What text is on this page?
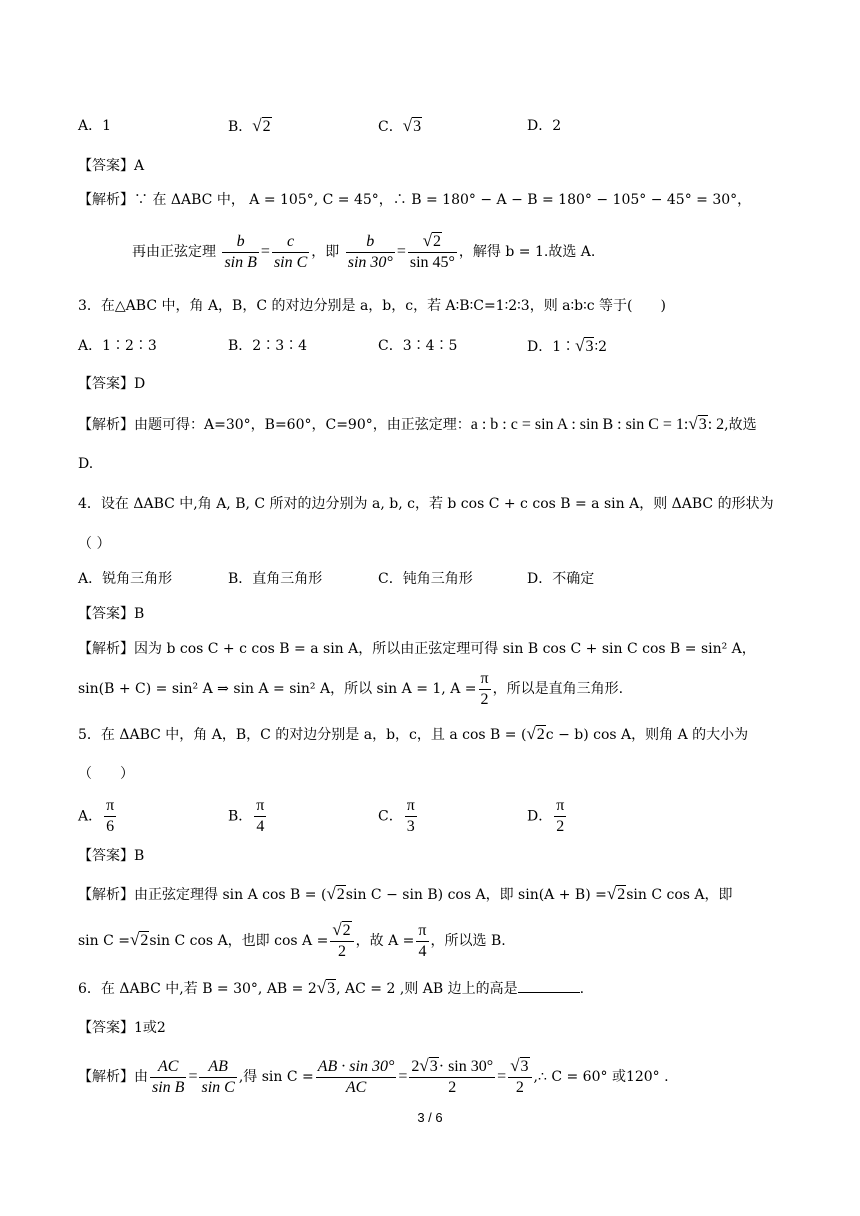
A．1	B．√2	C．√3	D．2
【答案】A
【解析】∵ 在 ΔABC 中， A = 105°, C = 45°，∴ B = 180° − A − B = 180° − 105° − 45° = 30°，
再由正弦定理 $\frac{b}{\text{sin B}} = \frac{c}{\text{sin C}}$ ，即 $\frac{b}{\sin 30^\circ} = \frac{√2}{\sin 45^\circ}$ ，解得 b = 1.故选 A.
3．在△ABC 中，角 A，B，C 的对边分别是 a，b，c，若 A∶B∶C=1∶2∶3，则 a∶b∶c 等于(　　)
A．1∶2∶3	B．2∶3∶4	C．3∶4∶5	D．1∶√3∶2
【答案】D
【解析】由题可得：A=30°，B=60°，C=90°，由正弦定理：a : b : c = sin A : sin B : sin C = 1:√3: 2,故选
D.
4．设在 ΔABC 中,角 A, B, C 所对的边分别为 a, b, c，若 b cos C + c cos B = a sin A，则 ΔABC 的形状为
（ ）
A．锐角三角形	B．直角三角形	C．钝角三角形	D．不确定
【答案】B
【解析】因为 b cos C + c cos B = a sin A，所以由正弦定理可得 sin B cos C + sin C cos B = sin² A，
sin(B + C) = sin² A ⇒ sin A = sin² A，所以 sin A = 1, $A = \frac{\pi}{2}$ ，所以是直角三角形.
5．在 ΔABC 中，角 A，B，C 的对边分别是 a，b，c，且 a cos B = (√2c − b) cos A，则角 A 的大小为
（　　）
A． $\frac{\pi}{6}$	B． $\frac{\pi}{4}$	C． $\frac{\pi}{3}$	D． $\frac{\pi}{2}$
【答案】B
【解析】由正弦定理得 sin A cos B = (√2sin C − sin B) cos A，即 sin(A + B) =√2sin C cos A，即
sin C =√2sin C cos A，也即 $\cos A = \frac{√2}{2}$ ，故 $A = \frac{\pi}{4}$ ，所以选 B.
6．在 ΔABC 中,若 B = 30°, AB = 2√3, AC = 2 ,则 AB 边上的高是	.
【答案】1或2
【解析】由 $\frac{AC}{\text{sin B}} = \frac{AB}{\text{sin C}}$ ,得 $\sin C = \frac{AB \cdot \sin 30^\circ}{AC} = \frac{2√3\cdot \sin 30^\circ}{2} = \frac{√3}{2}$ ,∴ C = 60° 或120° .
3 / 6
